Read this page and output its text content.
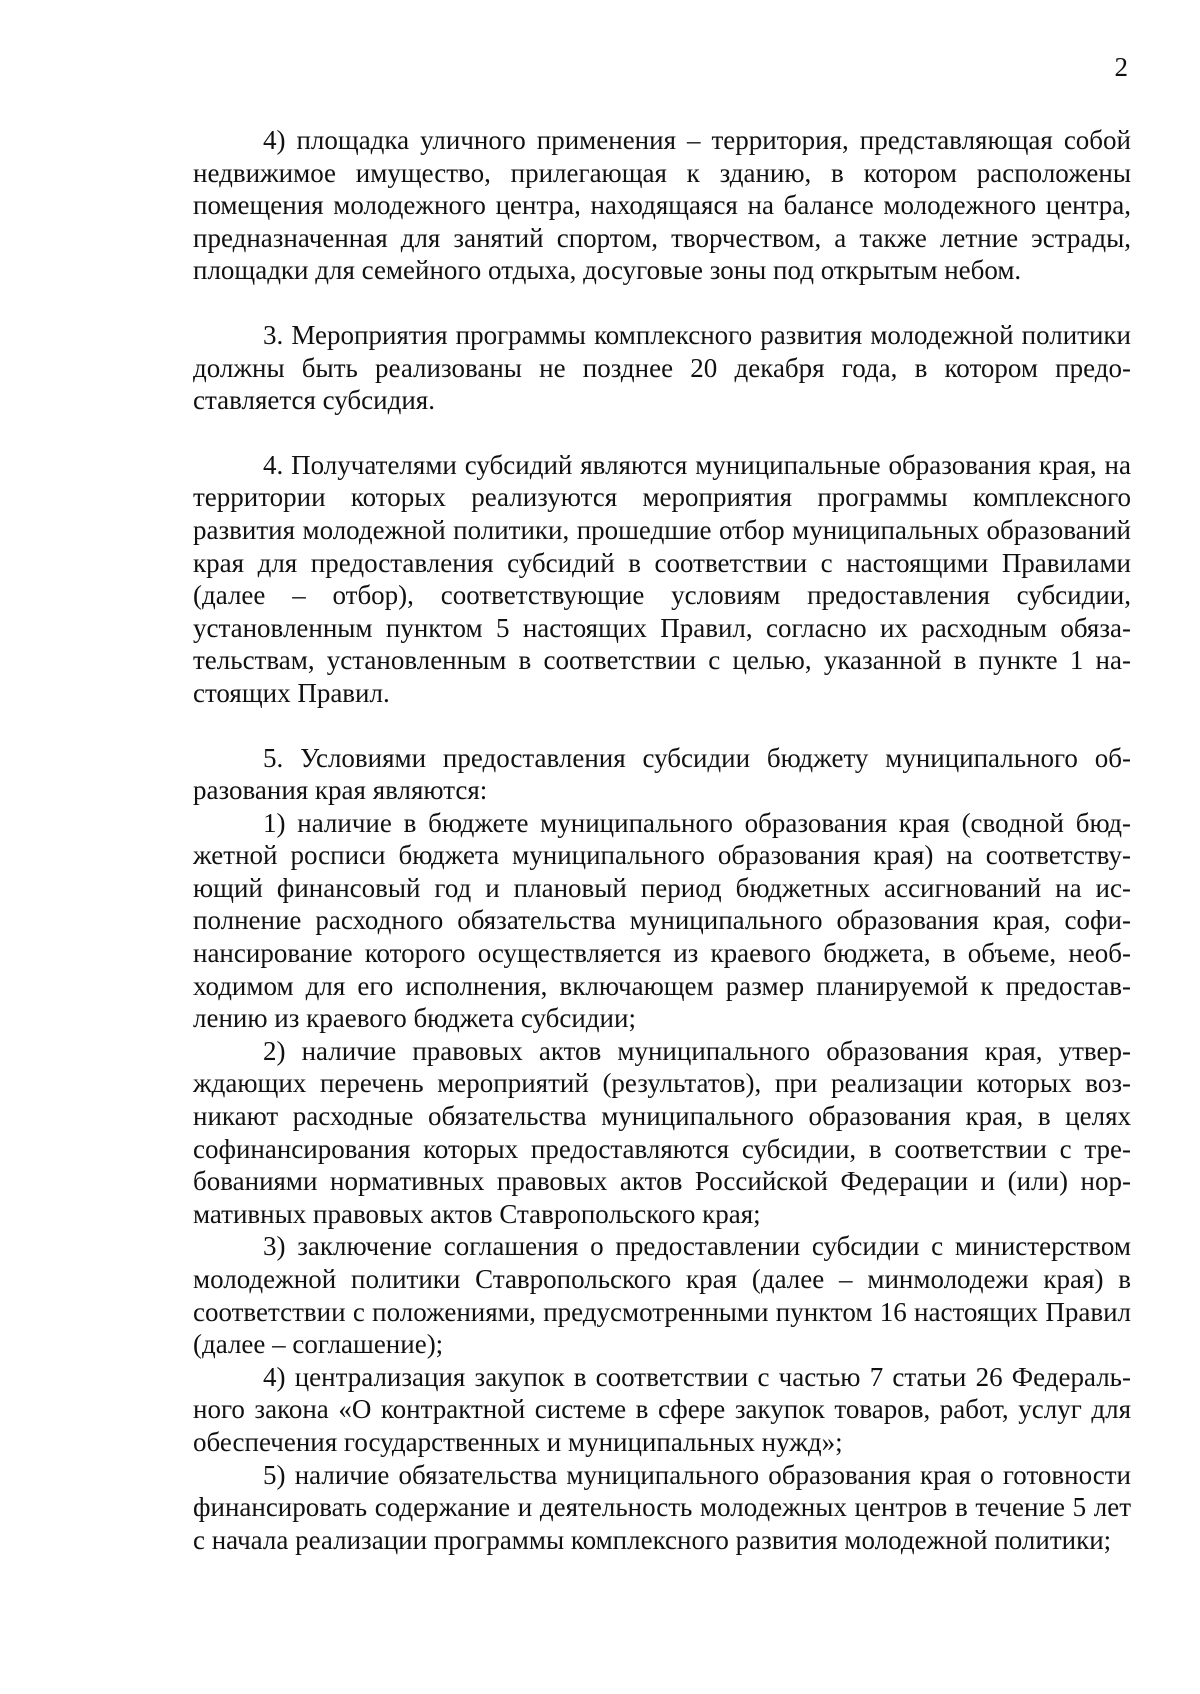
2

4) площадка уличного применения – территория, представляющая собой недвижимое имущество, прилегающая к зданию, в котором расположены помещения молодежного центра, находящаяся на балансе молодежного центра, предназначенная для занятий спортом, творчеством, а также летние эстрады, площадки для семейного отдыха, досуговые зоны под открытым небом.

3. Мероприятия программы комплексного развития молодежной политики должны быть реализованы не позднее 20 декабря года, в котором предоставляется субсидия.

4. Получателями субсидий являются муниципальные образования края, на территории которых реализуются мероприятия программы комплексного развития молодежной политики, прошедшие отбор муниципальных образований края для предоставления субсидий в соответствии с настоящими Правилами (далее – отбор), соответствующие условиям предоставления субсидии, установленным пунктом 5 настоящих Правил, согласно их расходным обязательствам, установленным в соответствии с целью, указанной в пункте 1 настоящих Правил.

5. Условиями предоставления субсидии бюджету муниципального образования края являются:

1) наличие в бюджете муниципального образования края (сводной бюджетной росписи бюджета муниципального образования края) на соответствующий финансовый год и плановый период бюджетных ассигнований на исполнение расходного обязательства муниципального образования края, софинансирование которого осуществляется из краевого бюджета, в объеме, необходимом для его исполнения, включающем размер планируемой к предоставлению из краевого бюджета субсидии;

2) наличие правовых актов муниципального образования края, утверждающих перечень мероприятий (результатов), при реализации которых возникают расходные обязательства муниципального образования края, в целях софинансирования которых предоставляются субсидии, в соответствии с требованиями нормативных правовых актов Российской Федерации и (или) нормативных правовых актов Ставропольского края;

3) заключение соглашения о предоставлении субсидии с министерством молодежной политики Ставропольского края (далее – минмолодежи края) в соответствии с положениями, предусмотренными пунктом 16 настоящих Правил (далее – соглашение);

4) централизация закупок в соответствии с частью 7 статьи 26 Федерального закона «О контрактной системе в сфере закупок товаров, работ, услуг для обеспечения государственных и муниципальных нужд»;

5) наличие обязательства муниципального образования края о готовности финансировать содержание и деятельность молодежных центров в течение 5 лет с начала реализации программы комплексного развития молодежной политики;
